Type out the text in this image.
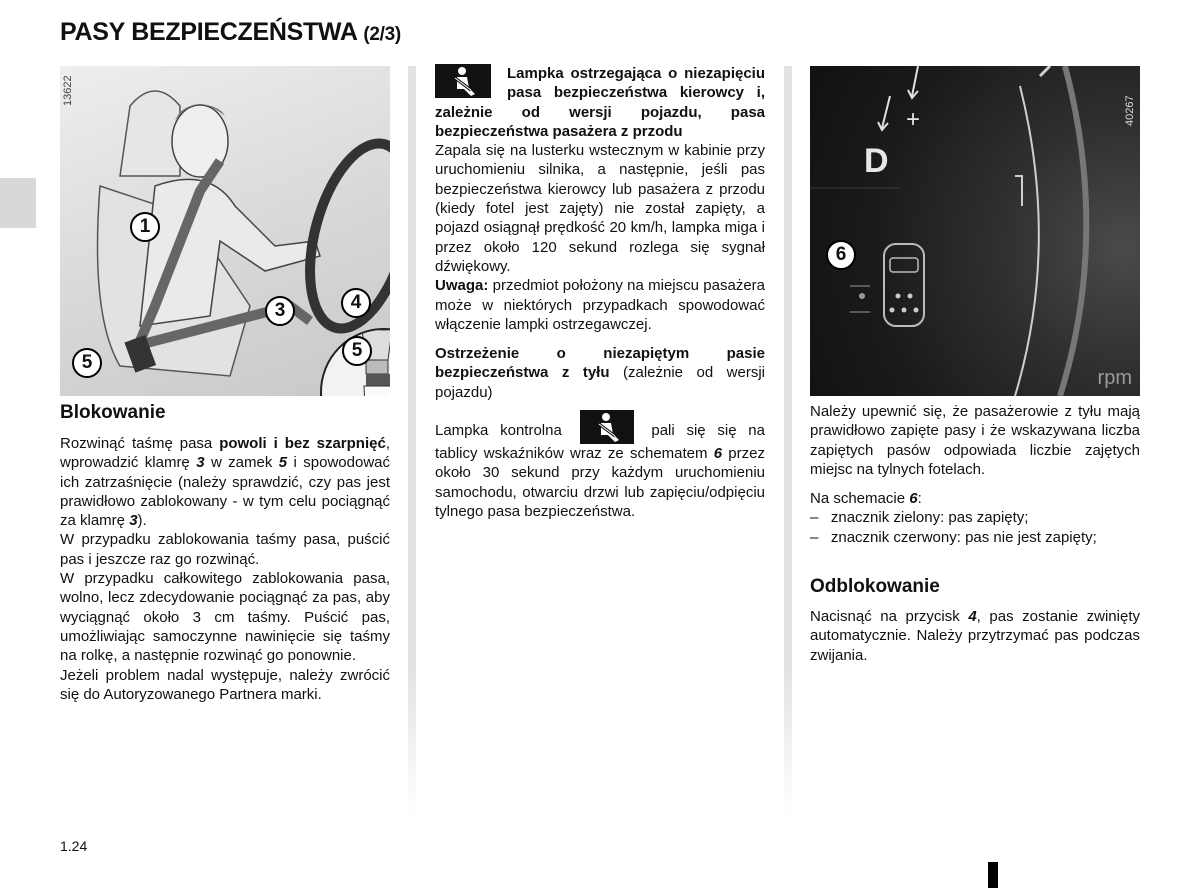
PASY BEZPIECZEŃSTWA (2/3)
13622
1
3	4
5
5
Blokowanie

Rozwinąć taśmę pasa powoli i bez szarpnięć, wprowadzić klamrę 3 w zamek 5 i spowodować ich zatrzaśnięcie (należy sprawdzić, czy pas jest prawidłowo zablokowany - w tym celu pociągnąć za klamrę 3).

W przypadku zablokowania taśmy pasa, puścić pas i jeszcze raz go rozwinąć.

W przypadku całkowitego zablokowania pasa, wolno, lecz zdecydowanie pociągnąć za pas, aby wyciągnąć około 3 cm taśmy. Puścić pas, umożliwiając samoczynne nawinięcie się taśmy na rolkę, a następnie rozwinąć go ponownie.

Jeżeli problem nadal występuje, należy zwrócić się do Autoryzowanego Partnera marki.

Lampka ostrzegająca o niezapięciu pasa bezpieczeństwa kierowcy i, zależnie od wersji pojazdu, pasa bezpieczeństwa pasażera z przodu

Zapala się na lusterku wstecznym w kabinie przy uruchomieniu silnika, a następnie, jeśli pas bezpieczeństwa kierowcy lub pasażera z przodu (kiedy fotel jest zajęty) nie został zapięty, a pojazd osiągnął prędkość 20 km/h, lampka miga i przez około 120 sekund rozlega się sygnał dźwiękowy.

Uwaga: przedmiot położony na miejscu pasażera może w niektórych przypadkach spowodować włączenie lampki ostrzegawczej.

Ostrzeżenie o niezapiętym pasie bezpieczeństwa z tyłu (zależnie od wersji pojazdu)

Lampka kontrolna	pali się się na tablicy wskaźników wraz ze schematem 6 przez około 30 sekund przy każdym uruchomieniu samochodu, otwarciu drzwi lub zapięciu/odpięciu tylnego pasa bezpieczeństwa.

40267
D
+
6
rpm

Należy upewnić się, że pasażerowie z tyłu mają prawidłowo zapięte pasy i że wskazywana liczba zapiętych pasów odpowiada liczbie zajętych miejsc na tylnych fotelach.

Na schemacie 6:

–   znacznik zielony: pas zapięty;

–   znacznik czerwony: pas nie jest zapięty;

Odblokowanie

Nacisnąć na przycisk 4, pas zostanie zwinięty automatycznie. Należy przytrzymać pas podczas zwijania.

1.24
